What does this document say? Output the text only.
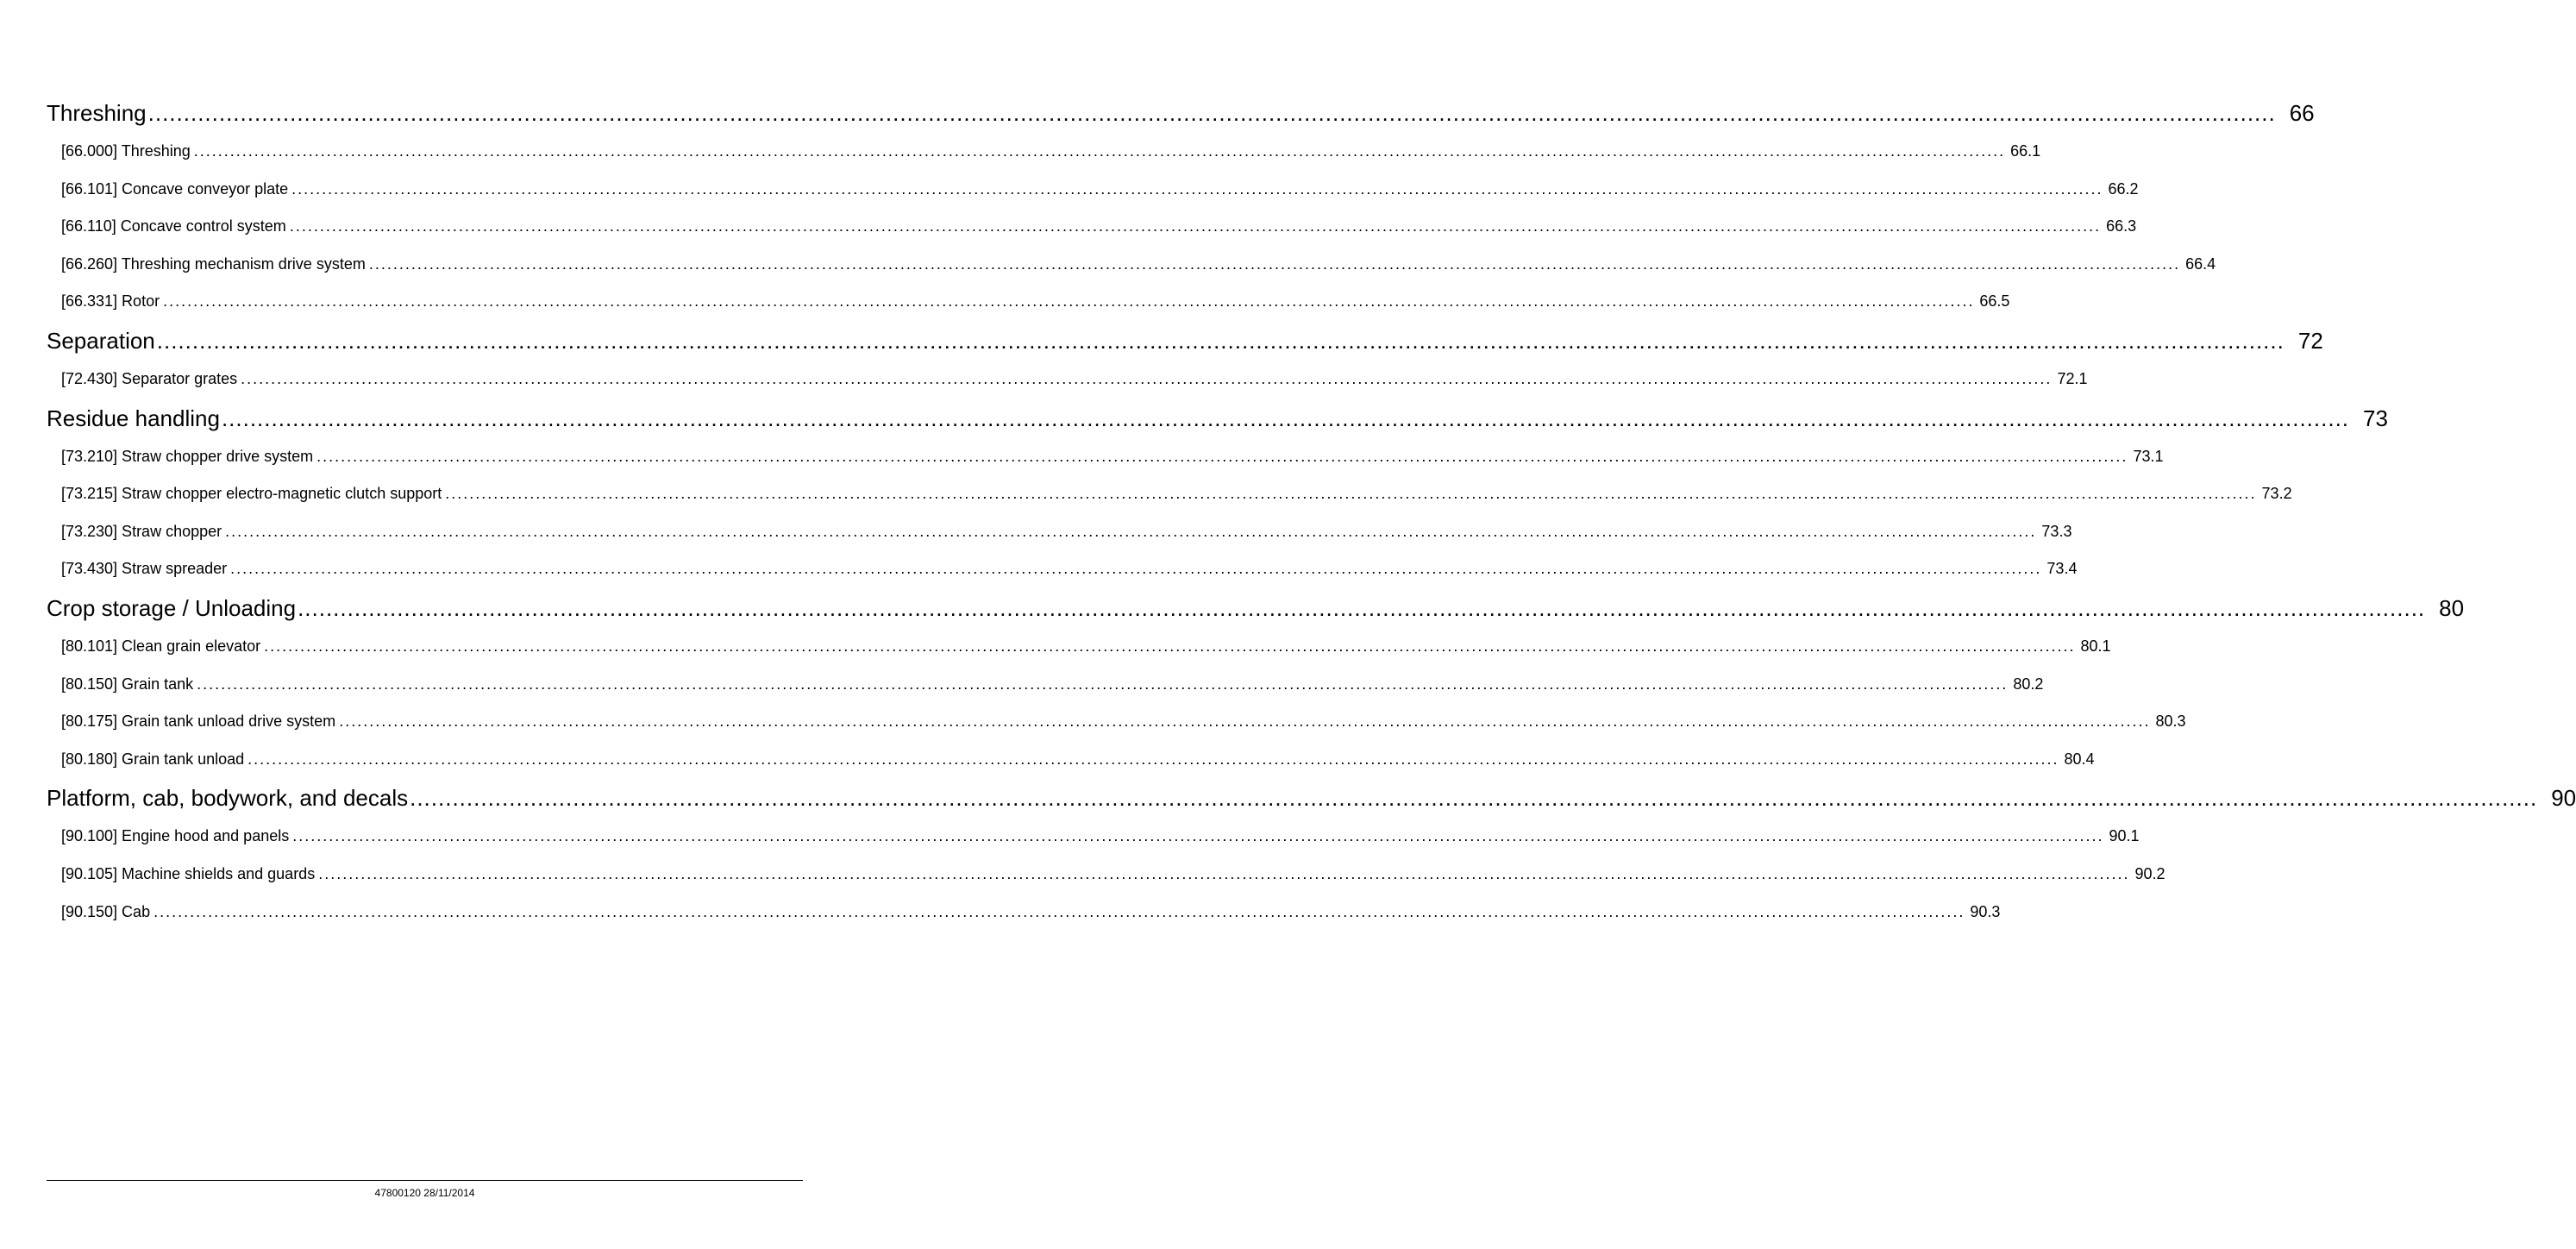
Threshing ............................................................................................................................................................................................................................................................................................................ 66
[66.000] Threshing ............................................................................................................................................................................................................................................................................................................ 66.1
[66.101] Concave conveyor plate ............................................................................................................................................................................................................................................................................................................ 66.2
[66.110] Concave control system ............................................................................................................................................................................................................................................................................................................ 66.3
[66.260] Threshing mechanism drive system ............................................................................................................................................................................................................................................................................................................ 66.4
[66.331] Rotor ............................................................................................................................................................................................................................................................................................................ 66.5
Separation ............................................................................................................................................................................................................................................................................................................ 72
[72.430] Separator grates ............................................................................................................................................................................................................................................................................................................ 72.1
Residue handling ............................................................................................................................................................................................................................................................................................................ 73
[73.210] Straw chopper drive system ............................................................................................................................................................................................................................................................................................................ 73.1
[73.215] Straw chopper electro-magnetic clutch support ............................................................................................................................................................................................................................................................................................................ 73.2
[73.230] Straw chopper ............................................................................................................................................................................................................................................................................................................ 73.3
[73.430] Straw spreader ............................................................................................................................................................................................................................................................................................................ 73.4
Crop storage / Unloading ............................................................................................................................................................................................................................................................................................................ 80
[80.101] Clean grain elevator ............................................................................................................................................................................................................................................................................................................ 80.1
[80.150] Grain tank ............................................................................................................................................................................................................................................................................................................ 80.2
[80.175] Grain tank unload drive system ............................................................................................................................................................................................................................................................................................................ 80.3
[80.180] Grain tank unload ............................................................................................................................................................................................................................................................................................................ 80.4
Platform, cab, bodywork, and decals ............................................................................................................................................................................................................................................................................................................ 90
[90.100] Engine hood and panels ............................................................................................................................................................................................................................................................................................................ 90.1
[90.105] Machine shields and guards ............................................................................................................................................................................................................................................................................................................ 90.2
[90.150] Cab ............................................................................................................................................................................................................................................................................................................ 90.3
47800120 28/11/2014
